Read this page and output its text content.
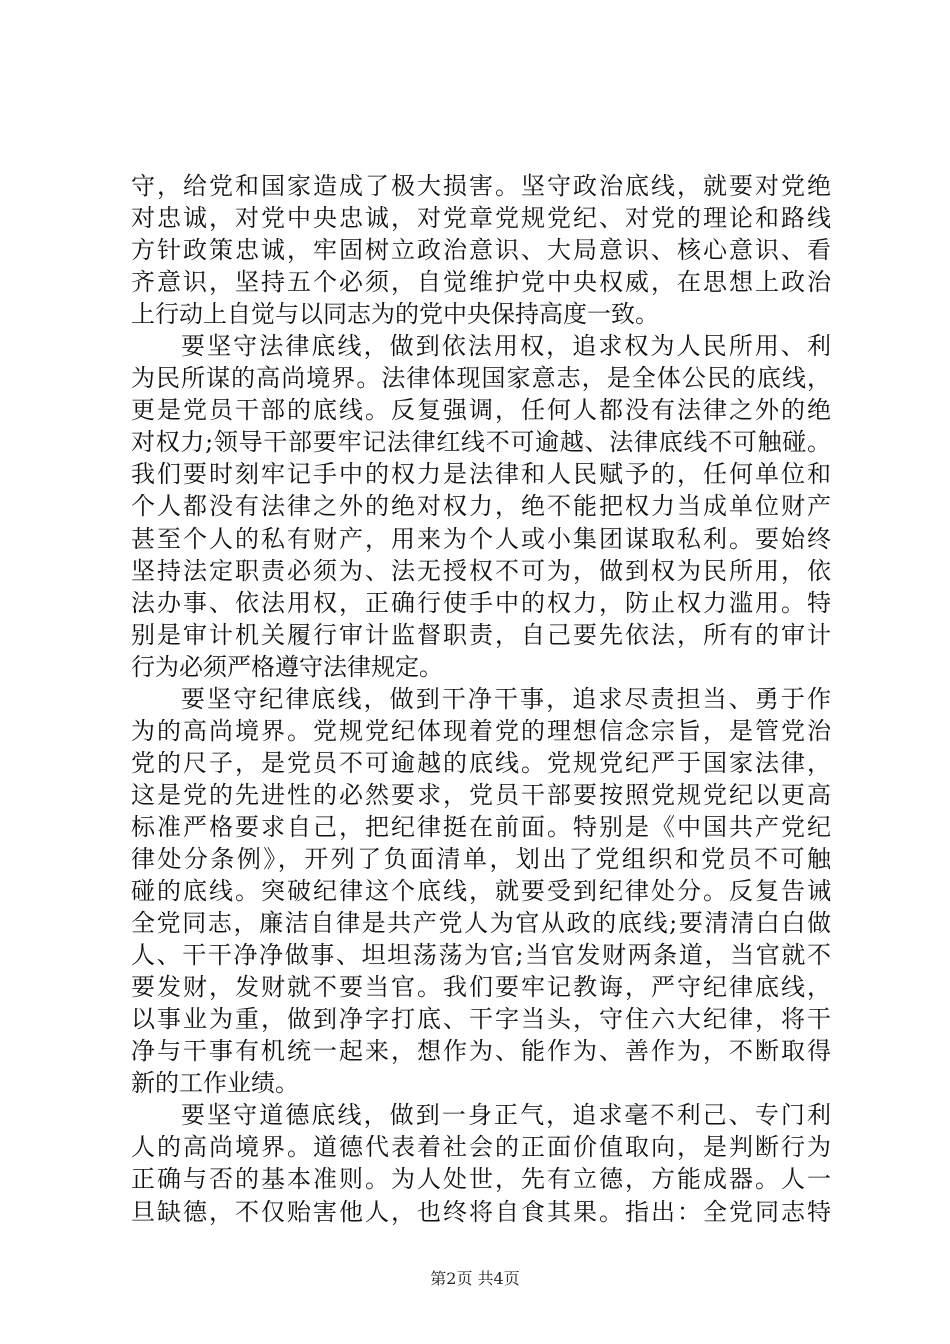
守，给党和国家造成了极大损害。坚守政治底线，就要对党绝
对忠诚，对党中央忠诚，对党章党规党纪、对党的理论和路线
方针政策忠诚，牢固树立政治意识、大局意识、核心意识、看
齐意识，坚持五个必须，自觉维护党中央权威，在思想上政治
上行动上自觉与以同志为的党中央保持高度一致。
要坚守法律底线，做到依法用权，追求权为人民所用、利
为民所谋的高尚境界。法律体现国家意志，是全体公民的底线，
更是党员干部的底线。反复强调，任何人都没有法律之外的绝
对权力;领导干部要牢记法律红线不可逾越、法律底线不可触碰。
我们要时刻牢记手中的权力是法律和人民赋予的，任何单位和
个人都没有法律之外的绝对权力，绝不能把权力当成单位财产
甚至个人的私有财产，用来为个人或小集团谋取私利。要始终
坚持法定职责必须为、法无授权不可为，做到权为民所用，依
法办事、依法用权，正确行使手中的权力，防止权力滥用。特
别是审计机关履行审计监督职责，自己要先依法，所有的审计
行为必须严格遵守法律规定。
要坚守纪律底线，做到干净干事，追求尽责担当、勇于作
为的高尚境界。党规党纪体现着党的理想信念宗旨，是管党治
党的尺子，是党员不可逾越的底线。党规党纪严于国家法律，
这是党的先进性的必然要求，党员干部要按照党规党纪以更高
标准严格要求自己，把纪律挺在前面。特别是《中国共产党纪
律处分条例》，开列了负面清单，划出了党组织和党员不可触
碰的底线。突破纪律这个底线，就要受到纪律处分。反复告诫
全党同志，廉洁自律是共产党人为官从政的底线;要清清白白做
人、干干净净做事、坦坦荡荡为官;当官发财两条道，当官就不
要发财，发财就不要当官。我们要牢记教诲，严守纪律底线，
以事业为重，做到净字打底、干字当头，守住六大纪律，将干
净与干事有机统一起来，想作为、能作为、善作为，不断取得
新的工作业绩。
要坚守道德底线，做到一身正气，追求毫不利己、专门利
人的高尚境界。道德代表着社会的正面价值取向，是判断行为
正确与否的基本准则。为人处世，先有立德，方能成器。人一
旦缺德，不仅贻害他人，也终将自食其果。指出：全党同志特
第2页 共4页
